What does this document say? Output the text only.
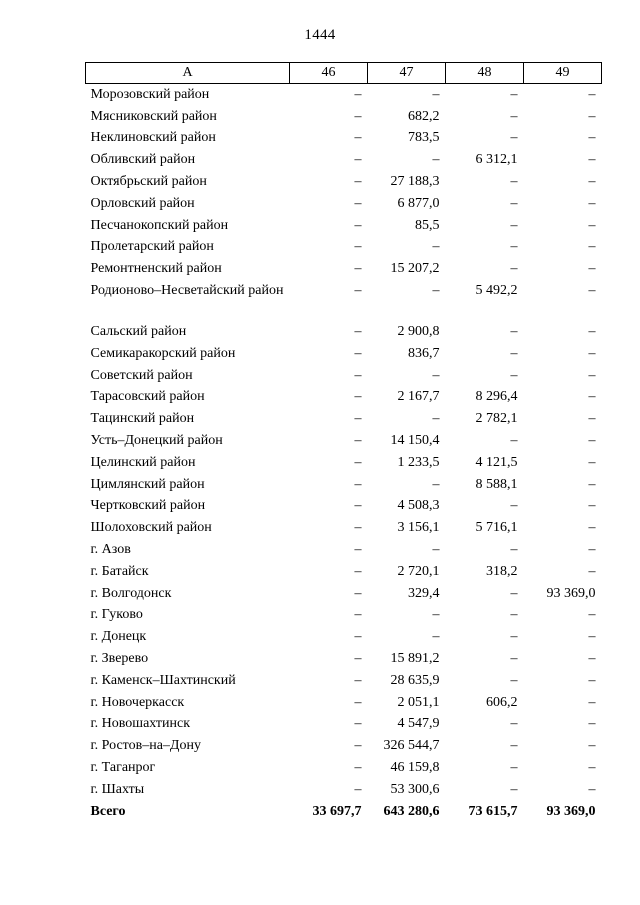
1444
А	46	47	48	49
Морозовский район	–	–	–	–
Мясниковский район	–	682,2	–	–
Неклиновский район	–	783,5	–	–
Обливский район	–	–	6 312,1	–
Октябрьский район	–	27 188,3	–	–
Орловский район	–	6 877,0	–	–
Песчанокопский район	–	85,5	–	–
Пролетарский район	–	–	–	–
Ремонтненский район	–	15 207,2	–	–
Родионово–Несветайский район	–	–	5 492,2	–
Сальский район	–	2 900,8	–	–
Семикаракорский район	–	836,7	–	–
Советский район	–	–	–	–
Тарасовский район	–	2 167,7	8 296,4	–
Тацинский район	–	–	2 782,1	–
Усть–Донецкий район	–	14 150,4	–	–
Целинский район	–	1 233,5	4 121,5	–
Цимлянский район	–	–	8 588,1	–
Чертковский район	–	4 508,3	–	–
Шолоховский район	–	3 156,1	5 716,1	–
г. Азов	–	–	–	–
г. Батайск	–	2 720,1	318,2	–
г. Волгодонск	–	329,4	–	93 369,0
г. Гуково	–	–	–	–
г. Донецк	–	–	–	–
г. Зверево	–	15 891,2	–	–
г. Каменск–Шахтинский	–	28 635,9	–	–
г. Новочеркасск	–	2 051,1	606,2	–
г. Новошахтинск	–	4 547,9	–	–
г. Ростов–на–Дону	–	326 544,7	–	–
г. Таганрог	–	46 159,8	–	–
г. Шахты	–	53 300,6	–	–
Всего	33 697,7	643 280,6	73 615,7	93 369,0
